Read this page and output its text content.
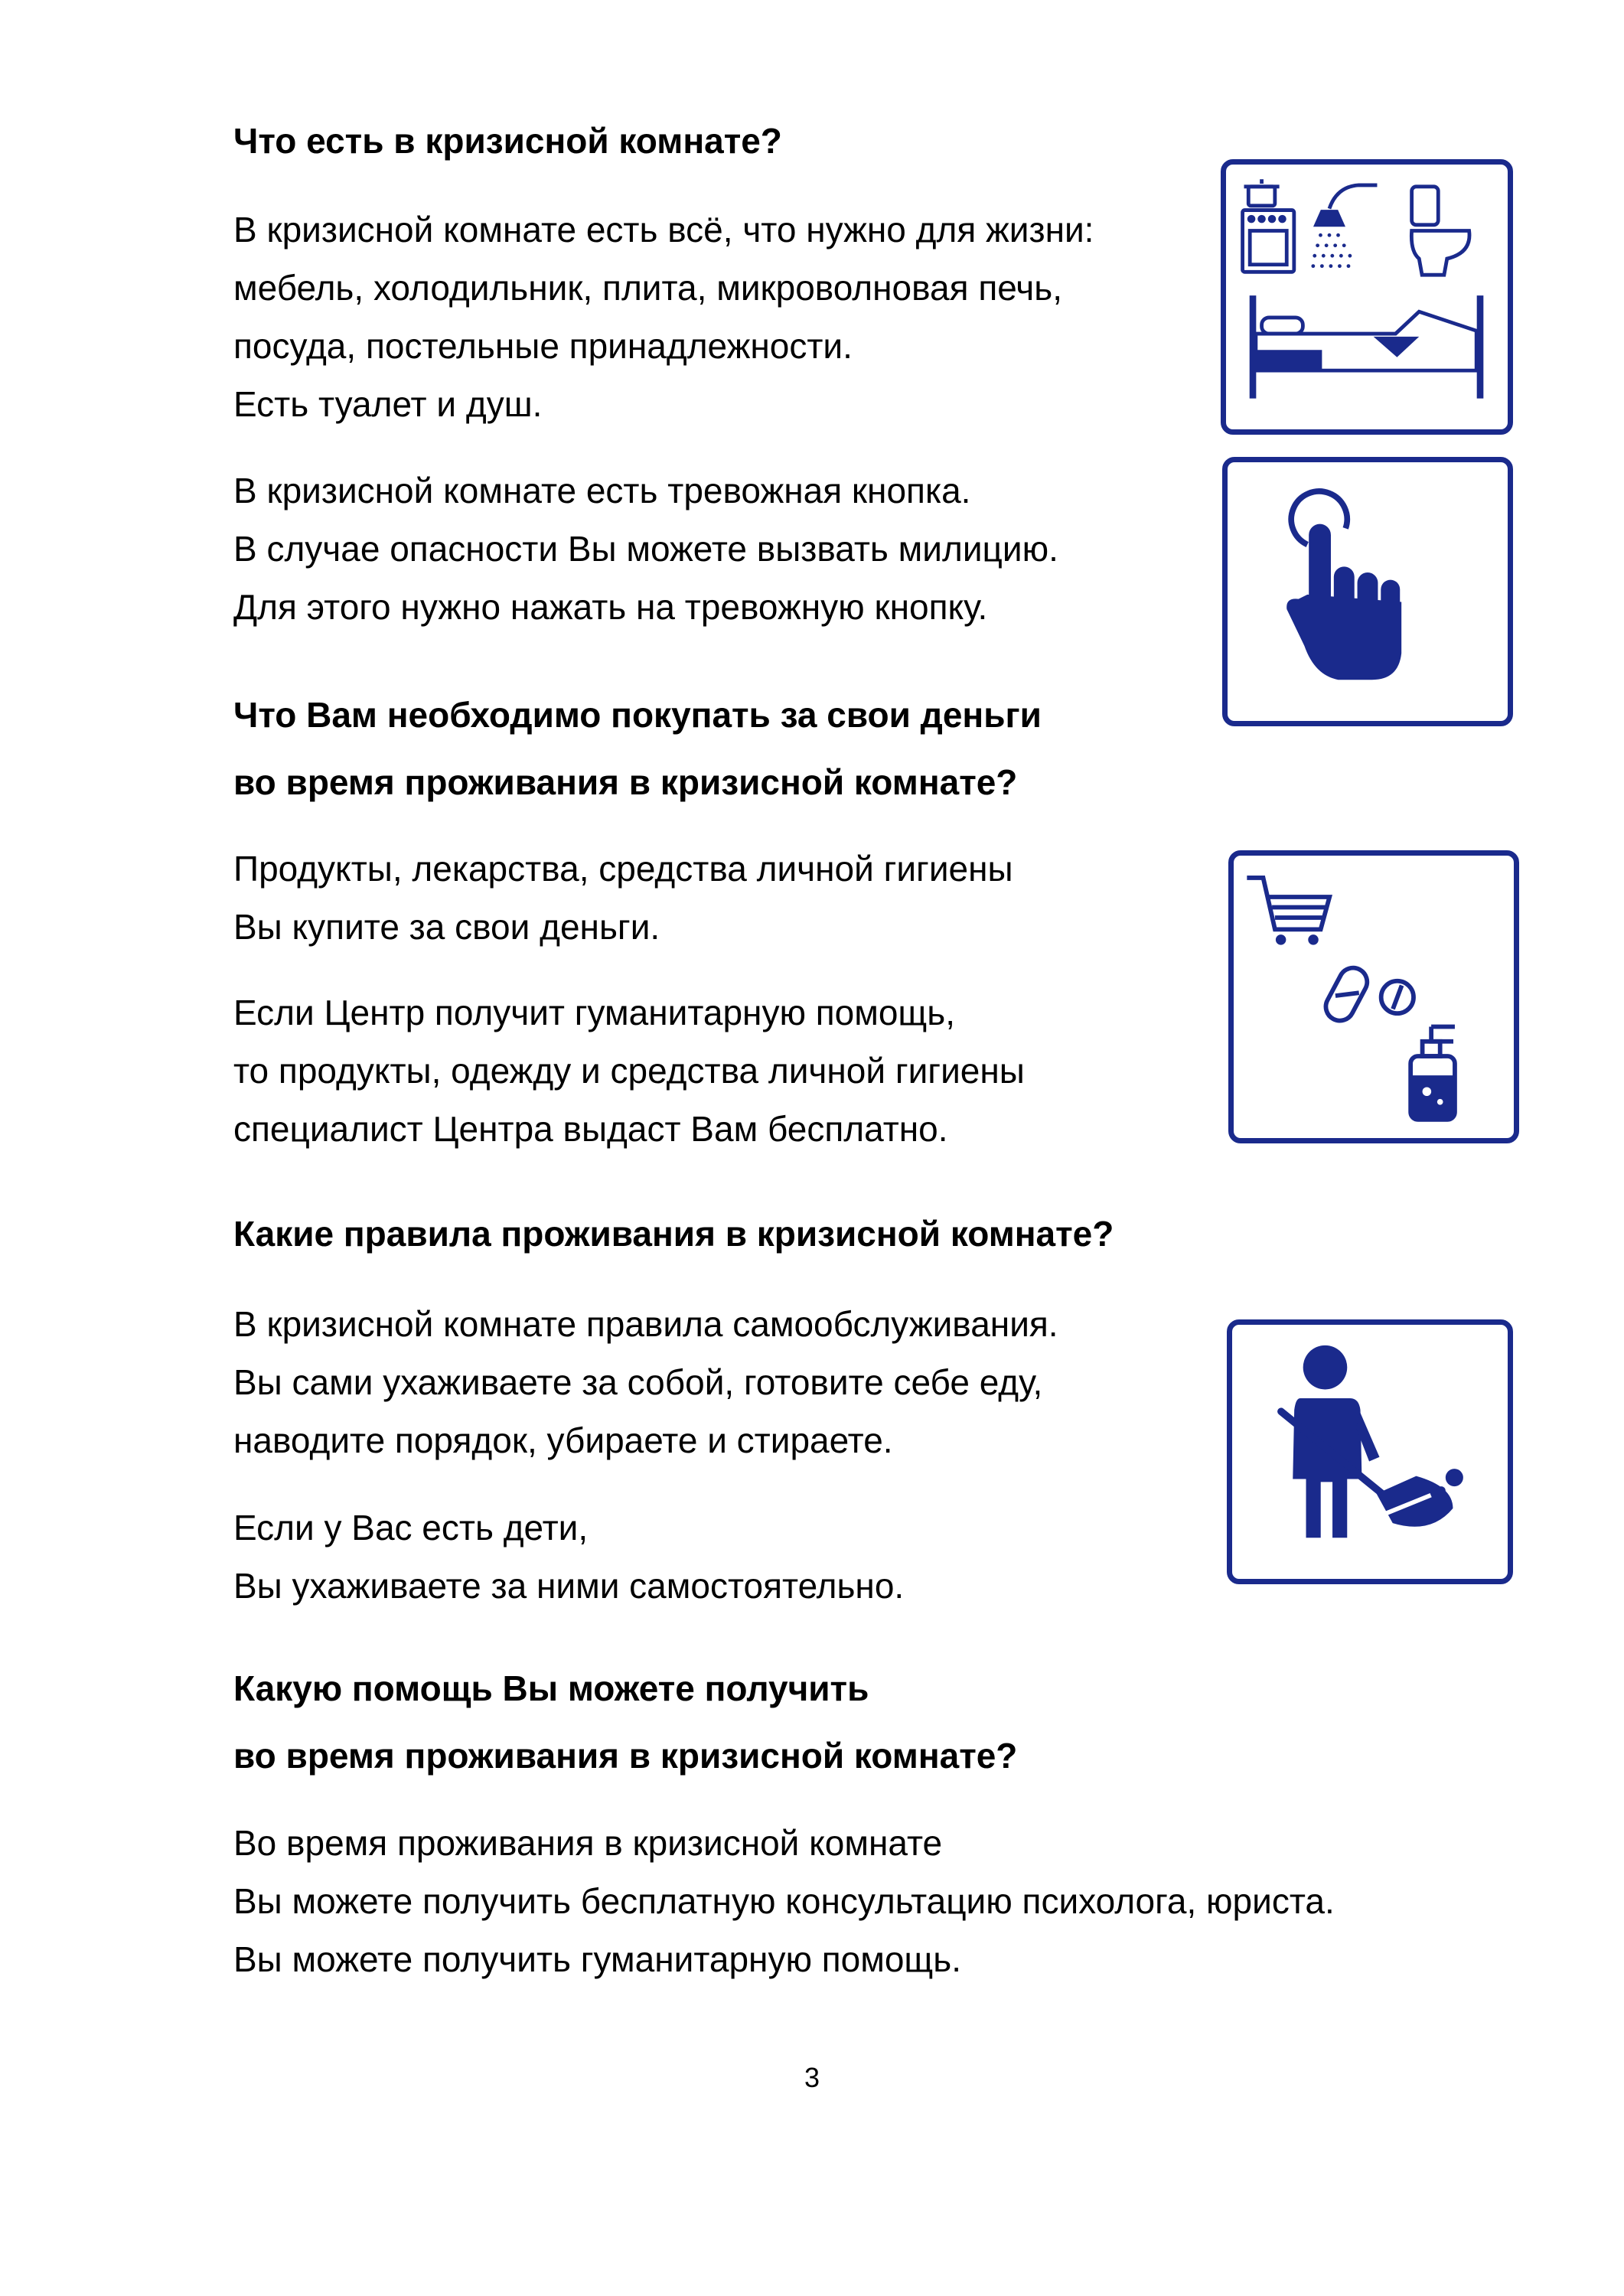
Что есть в кризисной комнате?
В кризисной комнате есть всё, что нужно для жизни:
мебель, холодильник, плита, микроволновая печь,
посуда, постельные принадлежности.
Есть туалет и душ.
В кризисной комнате есть тревожная кнопка.
В случае опасности Вы можете вызвать милицию.
Для этого нужно нажать на тревожную кнопку.
Что Вам необходимо покупать за свои деньги
во время проживания в кризисной комнате?
Продукты, лекарства, средства личной гигиены
Вы купите за свои деньги.
Если Центр получит гуманитарную помощь,
то продукты, одежду и средства личной гигиены
специалист Центра выдаст Вам бесплатно.
Какие правила проживания в кризисной комнате?
В кризисной комнате правила самообслуживания.
Вы сами ухаживаете за собой, готовите себе еду,
наводите порядок, убираете и стираете.
Если у Вас есть дети,
Вы ухаживаете за ними самостоятельно.
Какую помощь Вы можете получить
во время проживания в кризисной комнате?
Во время проживания в кризисной комнате
Вы можете получить бесплатную консультацию психолога, юриста.
Вы можете получить гуманитарную помощь.
3
